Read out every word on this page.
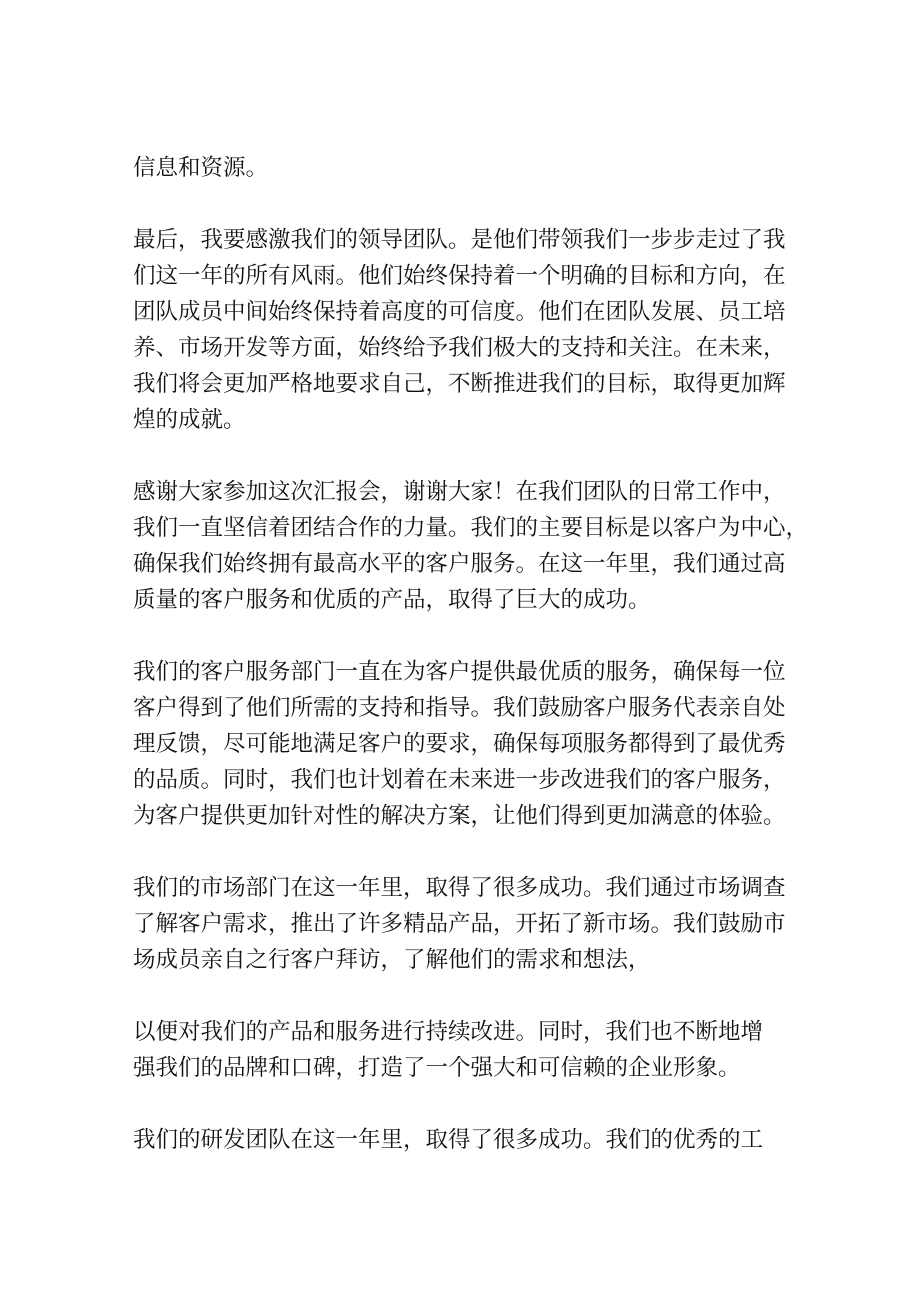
信息和资源。
最后，我要感激我们的领导团队。是他们带领我们一步步走过了我
们这一年的所有风雨。他们始终保持着一个明确的目标和方向，在
团队成员中间始终保持着高度的可信度。他们在团队发展、员工培
养、市场开发等方面，始终给予我们极大的支持和关注。在未来，
我们将会更加严格地要求自己，不断推进我们的目标，取得更加辉
煌的成就。
感谢大家参加这次汇报会，谢谢大家！在我们团队的日常工作中，
我们一直坚信着团结合作的力量。我们的主要目标是以客户为中心，
确保我们始终拥有最高水平的客户服务。在这一年里，我们通过高
质量的客户服务和优质的产品，取得了巨大的成功。
我们的客户服务部门一直在为客户提供最优质的服务，确保每一位
客户得到了他们所需的支持和指导。我们鼓励客户服务代表亲自处
理反馈，尽可能地满足客户的要求，确保每项服务都得到了最优秀
的品质。同时，我们也计划着在未来进一步改进我们的客户服务，
为客户提供更加针对性的解决方案，让他们得到更加满意的体验。
我们的市场部门在这一年里，取得了很多成功。我们通过市场调查
了解客户需求，推出了许多精品产品，开拓了新市场。我们鼓励市
场成员亲自之行客户拜访，了解他们的需求和想法，
以便对我们的产品和服务进行持续改进。同时，我们也不断地增
强我们的品牌和口碑，打造了一个强大和可信赖的企业形象。
我们的研发团队在这一年里，取得了很多成功。我们的优秀的工
